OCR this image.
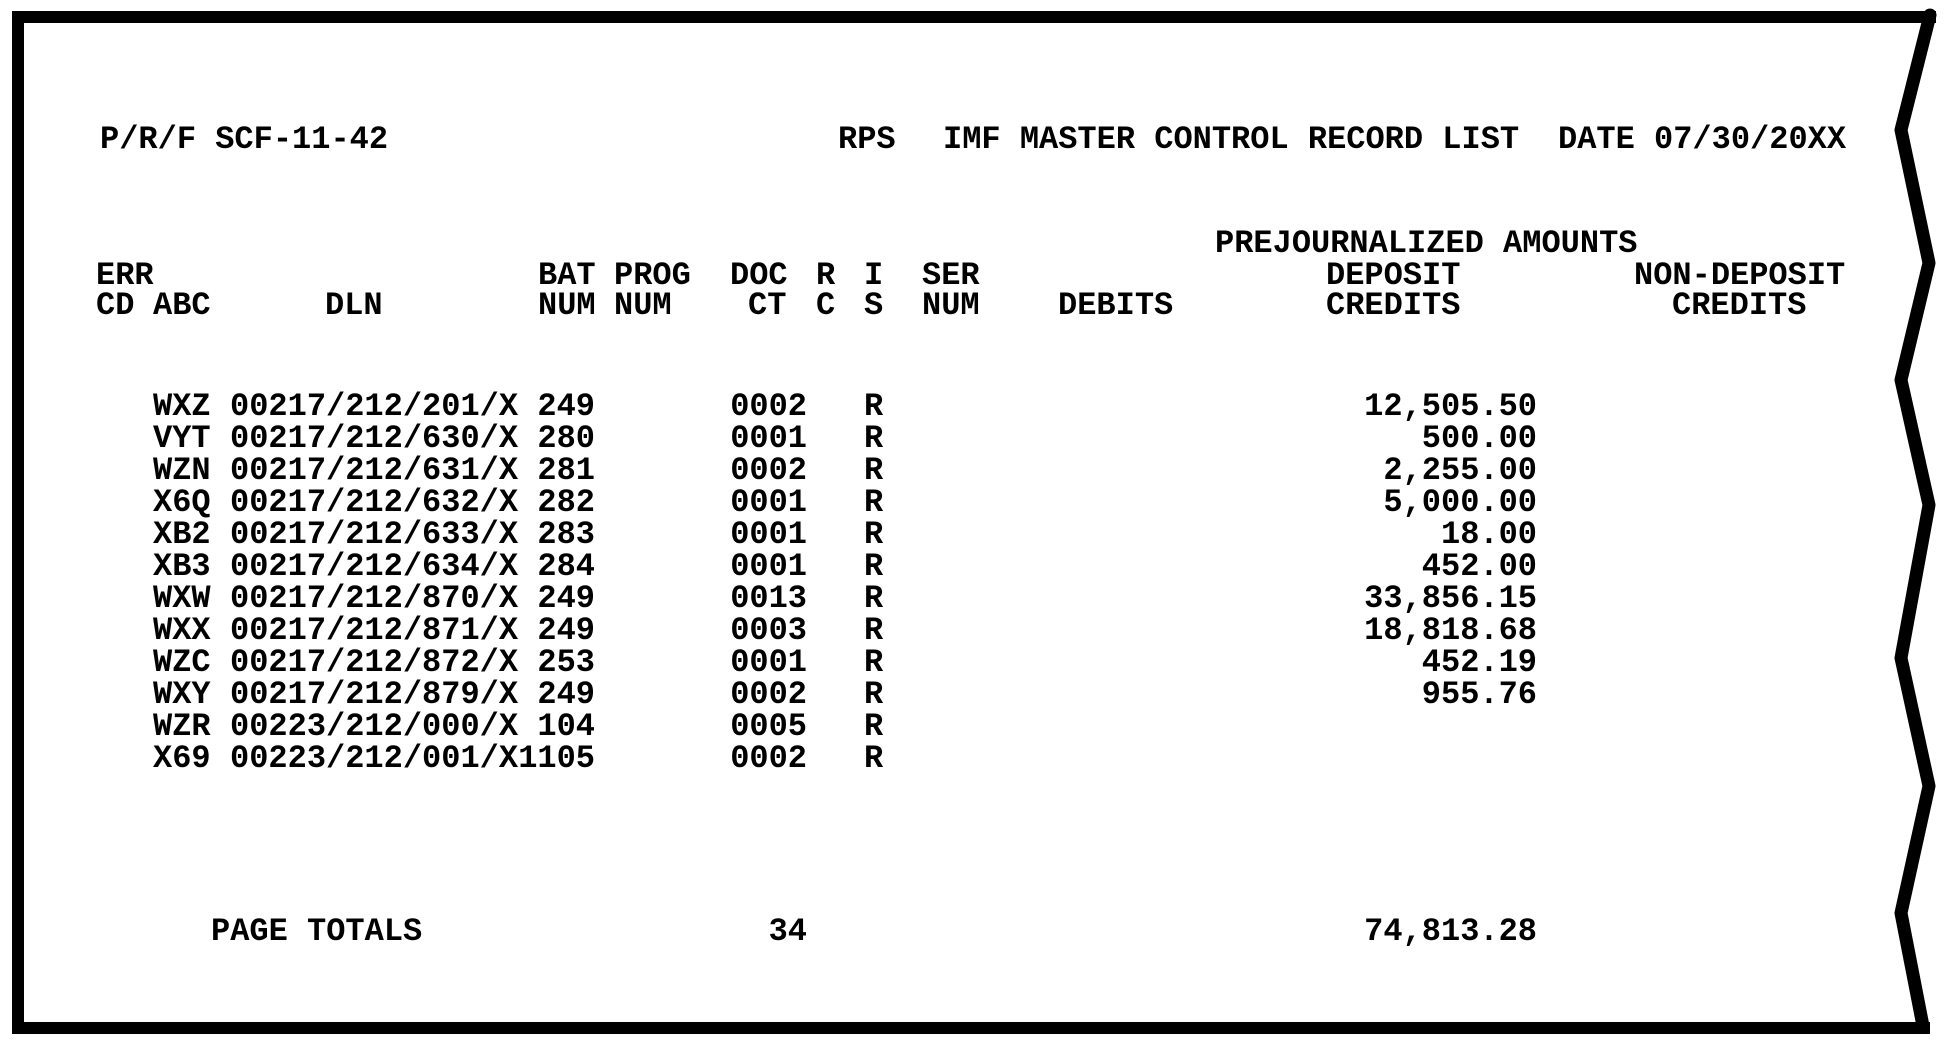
P/R/F SCF-11-42	RPS IMF MASTER CONTROL RECORD LIST DATE 07/30/20XX
PREJOURNALIZED AMOUNTS
ERR	BAT PROG DOC R I SER	DEPOSIT	NON-DEPOSIT
CD ABC	DLN	NUM NUM CT C S NUM DEBITS	CREDITS	CREDITS
WXZ 00217/212/201/X 249	0002 R	12,505.50
VYT 00217/212/630/X 280	0001 R	500.00
WZN 00217/212/631/X 281	0002 R	2,255.00
X6Q 00217/212/632/X 282	0001 R	5,000.00
XB2 00217/212/633/X 283	0001 R	18.00
XB3 00217/212/634/X 284	0001 R	452.00
WXW 00217/212/870/X 249	0013 R	33,856.15
WXX 00217/212/871/X 249	0003 R	18,818.68
WZC 00217/212/872/X 253	0001 R	452.19
WXY 00217/212/879/X 249	0002 R	955.76
WZR 00223/212/000/X 104	0005 R
X69 00223/212/001/X 1105	0002 R
PAGE TOTALS	34	74,813.28
